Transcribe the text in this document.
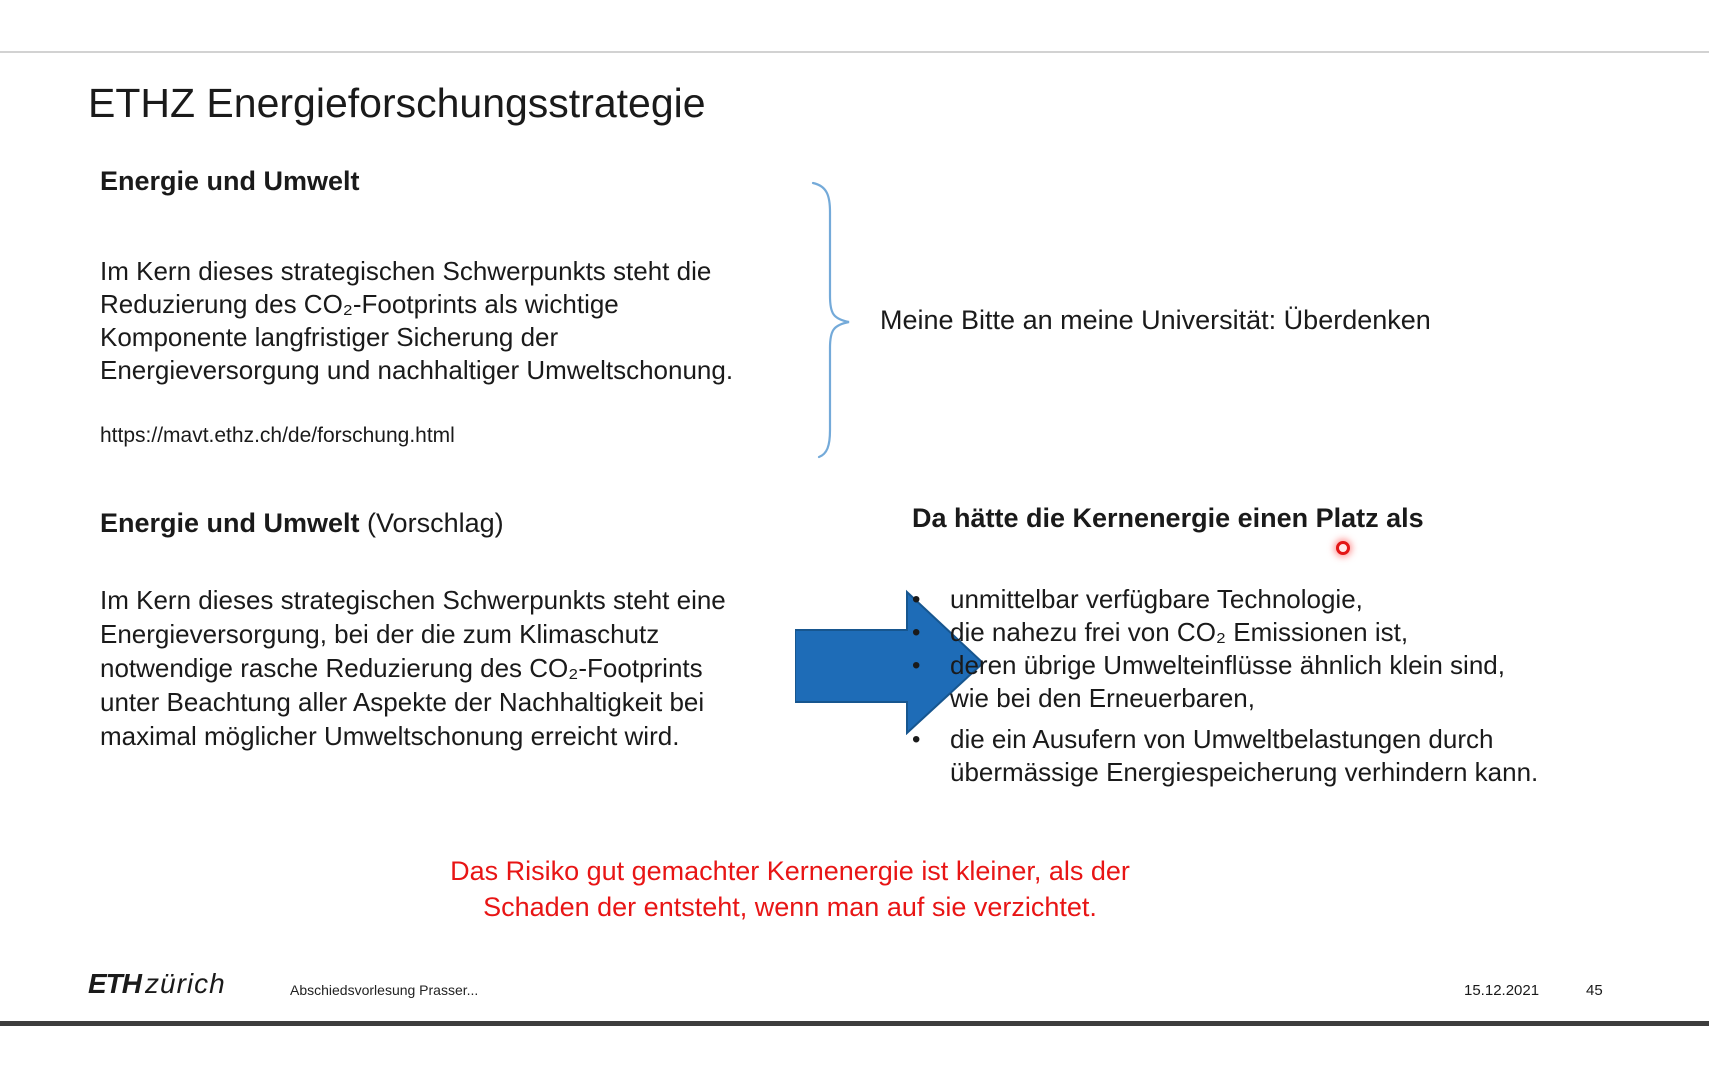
ETHZ Energieforschungsstrategie
Energie und Umwelt
Im Kern dieses strategischen Schwerpunkts steht die
Reduzierung des CO₂-Footprints als wichtige
Komponente langfristiger Sicherung der
Energieversorgung und nachhaltiger Umweltschonung.
https://mavt.ethz.ch/de/forschung.html
Meine Bitte an meine Universität: Überdenken
Energie und Umwelt (Vorschlag)
Im Kern dieses strategischen Schwerpunkts steht eine
Energieversorgung, bei der die zum Klimaschutz
notwendige rasche Reduzierung des CO₂-Footprints
unter Beachtung aller Aspekte der Nachhaltigkeit bei
maximal möglicher Umweltschonung erreicht wird.
Da hätte die Kernenergie einen Platz als
•	unmittelbar verfügbare Technologie,
•	die nahezu frei von CO₂ Emissionen ist,
•	deren übrige Umwelteinflüsse ähnlich klein sind,
wie bei den Erneuerbaren,
•	die ein Ausufern von Umweltbelastungen durch
übermässige Energiespeicherung verhindern kann.
Das Risiko gut gemachter Kernenergie ist kleiner, als der
Schaden der entsteht, wenn man auf sie verzichtet.
ETH zürich	Abschiedsvorlesung Prasser...	15.12.2021	45
